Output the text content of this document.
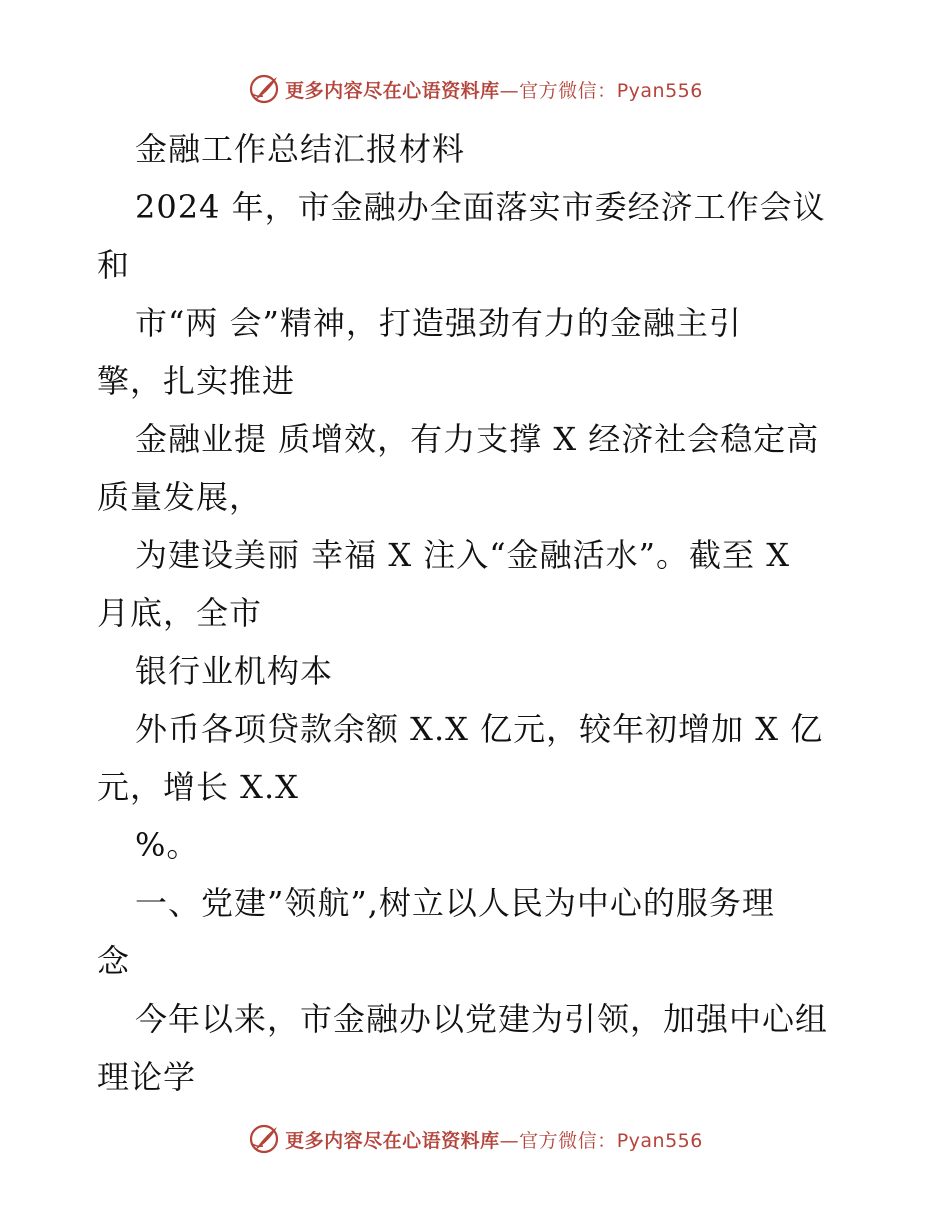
更多内容尽在心语资料库—官方微信：Pyan556
金融工作总结汇报材料
2024 年，市金融办全面落实市委经济工作会议
和
市“两 会”精神，打造强劲有力的金融主引
擎，扎实推进
金融业提 质增效，有力支撑 X 经济社会稳定高
质量发展，
为建设美丽 幸福 X 注入“金融活水”。截至 X
月底，全市
银行业机构本
外币各项贷款余额 X.X 亿元，较年初增加 X 亿
元，增长 X.X
%。
一、党建”领航”,树立以人民为中心的服务理
念
今年以来，市金融办以党建为引领，加强中心组
理论学
更多内容尽在心语资料库—官方微信：Pyan556
